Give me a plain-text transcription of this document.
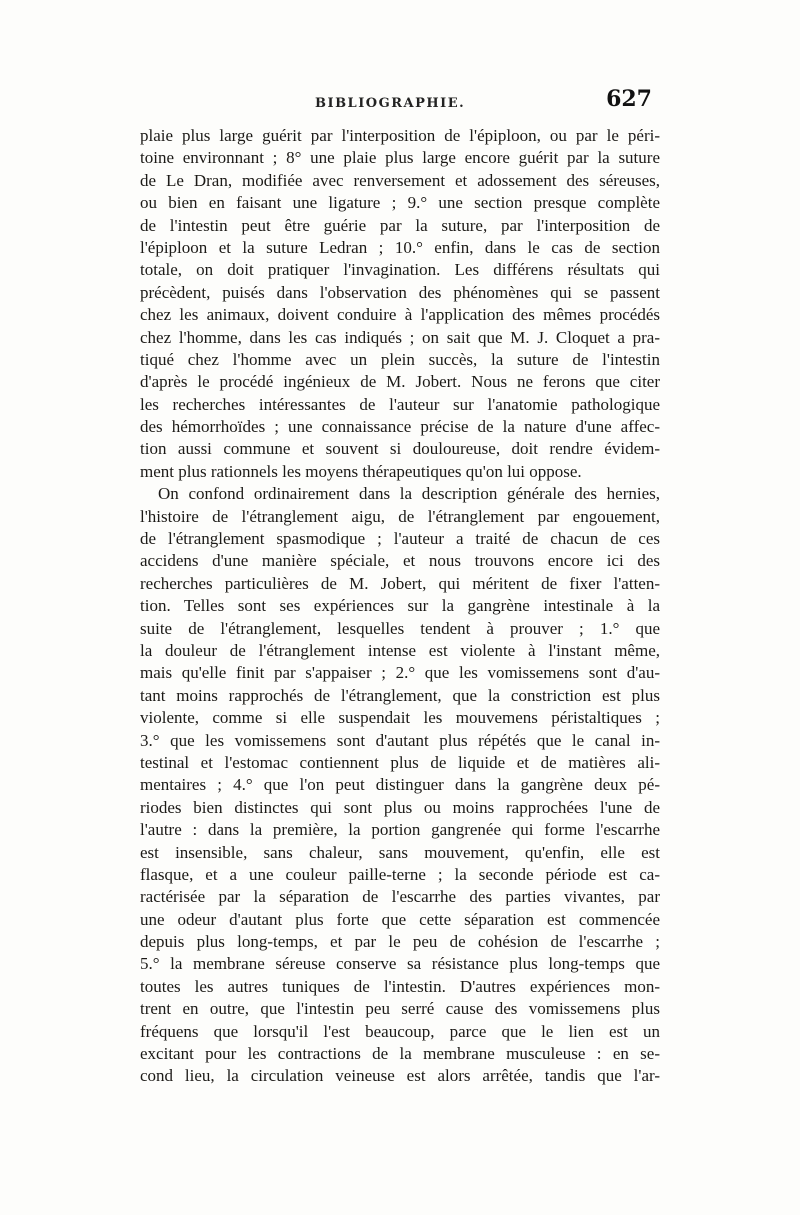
BIBLIOGRAPHIE.	627
plaie plus large guérit par l'interposition de l'épiploon, ou par le péri-
toine environnant ; 8° une plaie plus large encore guérit par la suture
de Le Dran, modifiée avec renversement et adossement des séreuses,
ou bien en faisant une ligature ; 9.° une section presque complète
de l'intestin peut être guérie par la suture, par l'interposition de
l'épiploon et la suture Ledran ; 10.° enfin, dans le cas de section
totale, on doit pratiquer l'invagination. Les différens résultats qui
précèdent, puisés dans l'observation des phénomènes qui se passent
chez les animaux, doivent conduire à l'application des mêmes procédés
chez l'homme, dans les cas indiqués ; on sait que M. J. Cloquet a pra-
tiqué chez l'homme avec un plein succès, la suture de l'intestin
d'après le procédé ingénieux de M. Jobert. Nous ne ferons que citer
les recherches intéressantes de l'auteur sur l'anatomie pathologique
des hémorrhoïdes ; une connaissance précise de la nature d'une affec-
tion aussi commune et souvent si douloureuse, doit rendre évidem-
ment plus rationnels les moyens thérapeutiques qu'on lui oppose.
On confond ordinairement dans la description générale des hernies,
l'histoire de l'étranglement aigu, de l'étranglement par engouement,
de l'étranglement spasmodique ; l'auteur a traité de chacun de ces
accidens d'une manière spéciale, et nous trouvons encore ici des
recherches particulières de M. Jobert, qui méritent de fixer l'atten-
tion. Telles sont ses expériences sur la gangrène intestinale à la
suite de l'étranglement, lesquelles tendent à prouver ; 1.° que
la douleur de l'étranglement intense est violente à l'instant même,
mais qu'elle finit par s'appaiser ; 2.° que les vomissemens sont d'au-
tant moins rapprochés de l'étranglement, que la constriction est plus
violente, comme si elle suspendait les mouvemens péristaltiques ;
3.° que les vomissemens sont d'autant plus répétés que le canal in-
testinal et l'estomac contiennent plus de liquide et de matières ali-
mentaires ; 4.° que l'on peut distinguer dans la gangrène deux pé-
riodes bien distinctes qui sont plus ou moins rapprochées l'une de
l'autre : dans la première, la portion gangrenée qui forme l'escarrhe
est insensible, sans chaleur, sans mouvement, qu'enfin, elle est
flasque, et a une couleur paille-terne ; la seconde période est ca-
ractérisée par la séparation de l'escarrhe des parties vivantes, par
une odeur d'autant plus forte que cette séparation est commencée
depuis plus long-temps, et par le peu de cohésion de l'escarrhe ;
5.° la membrane séreuse conserve sa résistance plus long-temps que
toutes les autres tuniques de l'intestin. D'autres expériences mon-
trent en outre, que l'intestin peu serré cause des vomissemens plus
fréquens que lorsqu'il l'est beaucoup, parce que le lien est un
excitant pour les contractions de la membrane musculeuse : en se-
cond lieu, la circulation veineuse est alors arrêtée, tandis que l'ar-
